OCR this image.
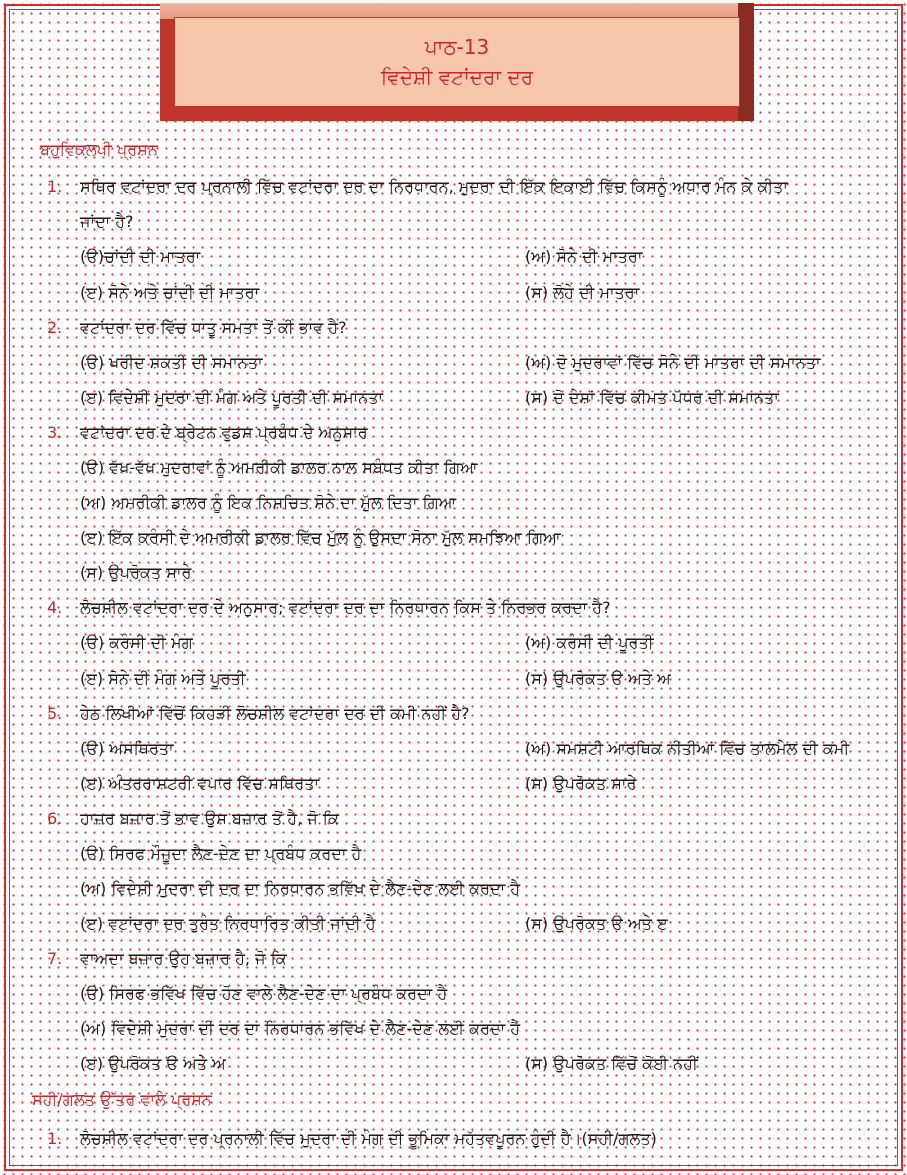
ਪਾਠ-13
ਵਿਦੇਸ਼ੀ ਵਟਾਂਦਰਾ ਦਰ
ਬਹੁਵਿਕਲਪੀ ਪ੍ਰਸ਼ਨ
1. ਸਥਿਰ ਵਟਾਂਦਰਾ ਦਰ ਪ੍ਰਨਾਲੀ ਵਿੱਚ ਵਟਾਂਦਰਾ ਦਰ ਦਾ ਨਿਰਧਾਰਨ, ਮੁਦਰਾ ਦੀ ਇੱਕ ਇਕਾਈ ਵਿੱਚ ਕਿਸਨੂੰ ਅਧਾਰ ਮੰਨ ਕੇ ਕੀਤਾ
ਜਾਂਦਾ ਹੈ?
(ੳ)ਚਾਂਦੀ ਦੀ ਮਾਤਰਾ	(ਅ) ਸੋਨੇ ਦੀ ਮਾਤਰਾ
(ੲ) ਸੋਨੇ ਅਤੇ ਚਾਂਦੀ ਦੀ ਮਾਤਰਾ	(ਸ) ਲੋਹੇ ਦੀ ਮਾਤਰਾ
2. ਵਟਾਂਦਰਾ ਦਰ ਵਿੱਚ ਧਾਤੂ ਸਮਤਾ ਤੋਂ ਕੀ ਭਾਵ ਹੈ?
(ੳ) ਖਰੀਦ ਸ਼ਕਤੀ ਦੀ ਸਮਾਨਤਾ	(ਅ) ਦੋ ਮੁਦਰਾਵਾਂ ਵਿੱਚ ਸੋਨੇ ਦੀ ਮਾਤਰਾ ਦੀ ਸਮਾਨਤਾ
(ੲ) ਵਿਦੇਸ਼ੀ ਮੁਦਰਾ ਦੀ ਮੰਗ ਅਤੇ ਪੂਰਤੀ ਦੀ ਸਮਾਨਤਾ	(ਸ) ਦੋ ਦੇਸ਼ਾਂ ਵਿੱਚ ਕੀਮਤ ਪੱਧਰ ਦੀ ਸਮਾਨਤਾ
3. ਵਟਾਂਦਰਾ ਦਰ ਦੇ ਬ੍ਰੇਟਨ ਵੁਡਸ ਪ੍ਰਬੰਧ ਦੇ ਅਨੁਸਾਰ
(ੳ) ਵੱਖ-ਵੱਖ ਮੁਦਰਾਵਾਂ ਨੂੰ ਅਮਰੀਕੀ ਡਾਲਰ ਨਾਲ ਸਬੰਧਤ ਕੀਤਾ ਗਿਆ
(ਅ) ਅਮਰੀਕੀ ਡਾਲਰ ਨੂੰ ਇਕ ਨਿਸ਼ਚਿਤ ਸੋਨੇ ਦਾ ਮੁੱਲ ਦਿਤਾ ਗਿਆ
(ੲ) ਇੱਕ ਕਰੰਸੀ ਦੇ ਅਮਰੀਕੀ ਡਾਲਰ ਵਿੱਚ ਮੁੱਲ ਨੂੰ ਉਸਦਾ ਸੋਨਾ ਮੁੱਲ ਸਮਝਿਆ ਗਿਆ
(ਸ) ਉਪਰੋਕਤ ਸਾਰੇ
4. ਲੋਚਸ਼ੀਲ ਵਟਾਂਦਰਾ ਦਰ ਦੇ ਅਨੁਸਾਰ; ਵਟਾਂਦਰਾ ਦਰ ਦਾ ਨਿਰਧਾਰਨ ਕਿਸ ਤੇ ਨਿਰਭਰ ਕਰਦਾ ਹੈ?
(ੳ) ਕਰੰਸੀ ਦੀ ਮੰਗ	(ਅ) ਕਰੰਸੀ ਦੀ ਪੂਰਤੀ
(ੲ) ਸੋਨੇ ਦੀ ਮੰਗ ਅਤੇ ਪੂਰਤੀ	(ਸ) ਉਪਰੋਕਤ ੳ ਅਤੇ ਅ
5. ਹੇਠ ਲਿਖੀਆਂ ਵਿੱਚੋਂ ਕਿਹੜੀ ਲੋਚਸ਼ੀਲ ਵਟਾਂਦਰਾ ਦਰ ਦੀ ਕਮੀ ਨਹੀਂ ਹੈ?
(ੳ) ਅਸਥਿਰਤਾ	(ਅ) ਸਮਸ਼ਟੀ ਆਰਥਿਕ ਨੀਤੀਆਂ ਵਿੱਚ ਤਾਲਮੇਲ ਦੀ ਕਮੀ
(ੲ) ਅੰਤਰਰਾਸ਼ਟਰੀ ਵਪਾਰ ਵਿੱਚ ਸਥਿਰਤਾ	(ਸ) ਉਪਰੋਕਤ ਸਾਰੇ
6. ਹਾਜ਼ਰ ਬਜ਼ਾਰ ਤੋਂ ਭਾਵ ਉਸ ਬਜ਼ਾਰ ਤੋਂ ਹੈ, ਜੋ ਕਿ
(ੳ) ਸਿਰਫ ਮੌਜੂਦਾ ਲੈਣ-ਦੇਣ ਦਾ ਪ੍ਰਬੰਧ ਕਰਦਾ ਹੈ
(ਅ) ਵਿਦੇਸ਼ੀ ਮੁਦਰਾ ਦੀ ਦਰ ਦਾ ਨਿਰਧਾਰਨ ਭਵਿੱਖ ਦੇ ਲੈਣ-ਦੇਣ ਲਈ ਕਰਦਾ ਹੈ
(ੲ) ਵਟਾਂਦਰਾ ਦਰ ਤੁਰੰਤ ਨਿਰਧਾਰਿਤ ਕੀਤੀ ਜਾਂਦੀ ਹੈ	(ਸ) ਉਪਰੋਕਤ ੳ ਅਤੇ ੲ
7. ਵਾਅਦਾ ਬਜ਼ਾਰ ਉਹ ਬਜ਼ਾਰ ਹੈ, ਜੋ ਕਿ
(ੳ) ਸਿਰਫ ਭਵਿੱਖ ਵਿੱਚ ਹੋਣ ਵਾਲੇ ਲੈਣ-ਦੇਣ ਦਾ ਪ੍ਰਬੰਧ ਕਰਦਾ ਹੈ
(ਅ) ਵਿਦੇਸ਼ੀ ਮੁਦਰਾ ਦੀ ਦਰ ਦਾ ਨਿਰਧਾਰਨ ਭਵਿੱਖ ਦੇ ਲੈਣ-ਦੇਣ ਲਈ ਕਰਦਾ ਹੈ
(ੲ) ਉਪਰੋਕਤ ੳ ਅਤੇ ਅ	(ਸ) ਉਪਰੋਕਤ ਵਿੱਚੋਂ ਕੋਈ ਨਹੀਂ
ਸਹੀ/ਗਲਤ ਉੱਤਰ ਵਾਲੇ ਪ੍ਰਸ਼ਨ
1. ਲੋਚਸ਼ੀਲ ਵਟਾਂਦਰਾ ਦਰ ਪ੍ਰਨਾਲੀ ਵਿੱਚ ਮੁਦਰਾ ਦੀ ਮੰਗ ਦੀ ਭੂਮਿਕਾ ਮਹੱਤਵਪੂਰਨ ਹੁੰਦੀ ਹੈ।(ਸਹੀ/ਗਲਤ)
